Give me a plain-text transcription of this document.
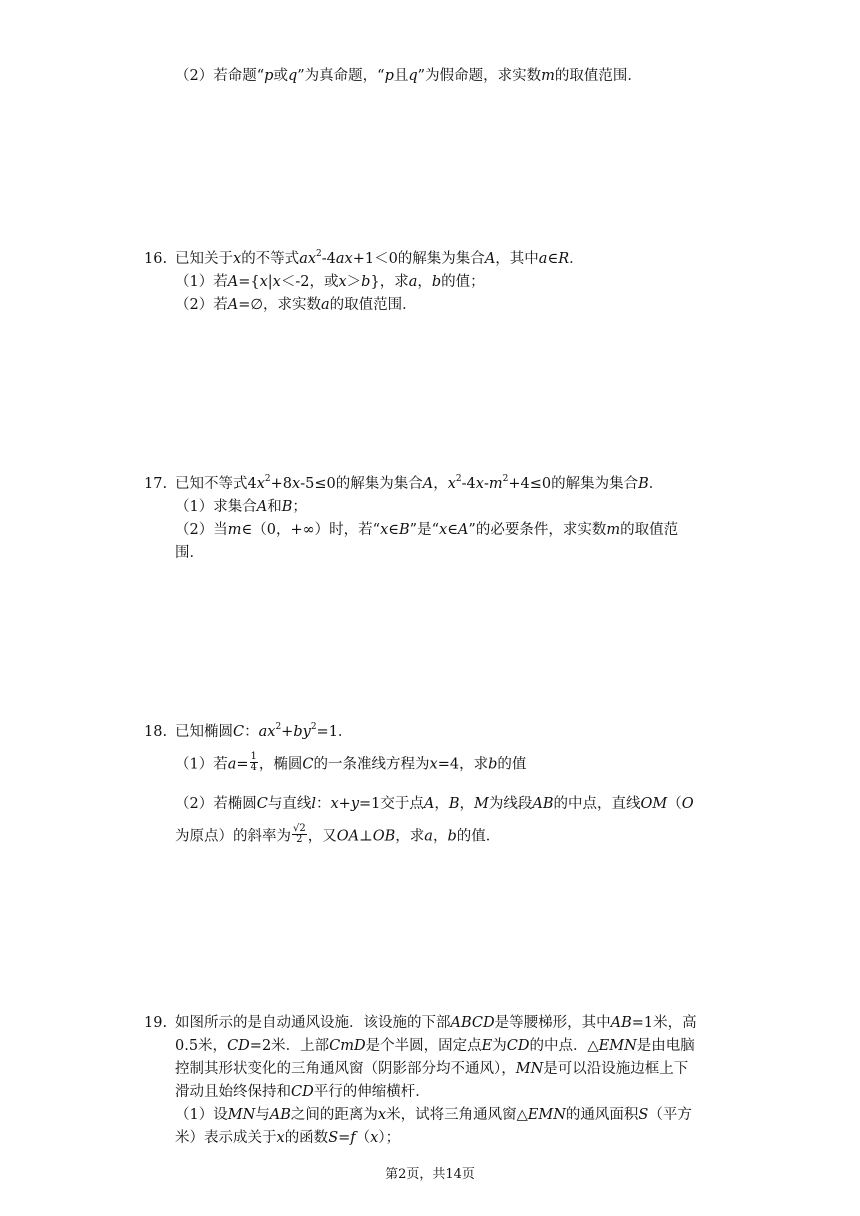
（2）若命题“p或q”为真命题，“p且q”为假命题，求实数m的取值范围．
16. 已知关于x的不等式$ax^2-4ax+1<0$的解集为集合A，其中a∈R．
（1）若A={x|x＜-2，或x＞b}，求a，b的值；
（2）若A=∅，求实数a的取值范围．
17. 已知不等式$4x^2+8x-5\le 0$的解集为集合A，$x^2-4x-m^2+4\le 0$的解集为集合B．
（1）求集合A和B；
（2）当m∈（0，+∞）时，若“x∈B”是“x∈A”的必要条件，求实数m的取值范
围．
18. 已知椭圆C：$ax^2+by^2=1$．
（1）若$a= \frac{1}{4}$ ，椭圆C的一条准线方程为x=4，求b的值
（2）若椭圆C与直线l：x+y=1交于点A，B，M为线段AB的中点，直线OM（O
为原点）的斜率为 $\frac{√2}{2}$ ，又OA⊥OB，求a，b的值．
19. 如图所示的是自动通风设施．该设施的下部ABCD是等腰梯形，其中AB=1米，高
0.5米，CD=2米．上部CmD是个半圆，固定点E为CD的中点．△EMN是由电脑
控制其形状变化的三角通风窗（阴影部分均不通风），MN是可以沿设施边框上下
滑动且始终保持和CD平行的伸缩横杆．
（1）设MN与AB之间的距离为x米，试将三角通风窗△EMN的通风面积S（平方
米）表示成关于x的函数S=f（x）；
第2页，共14页
